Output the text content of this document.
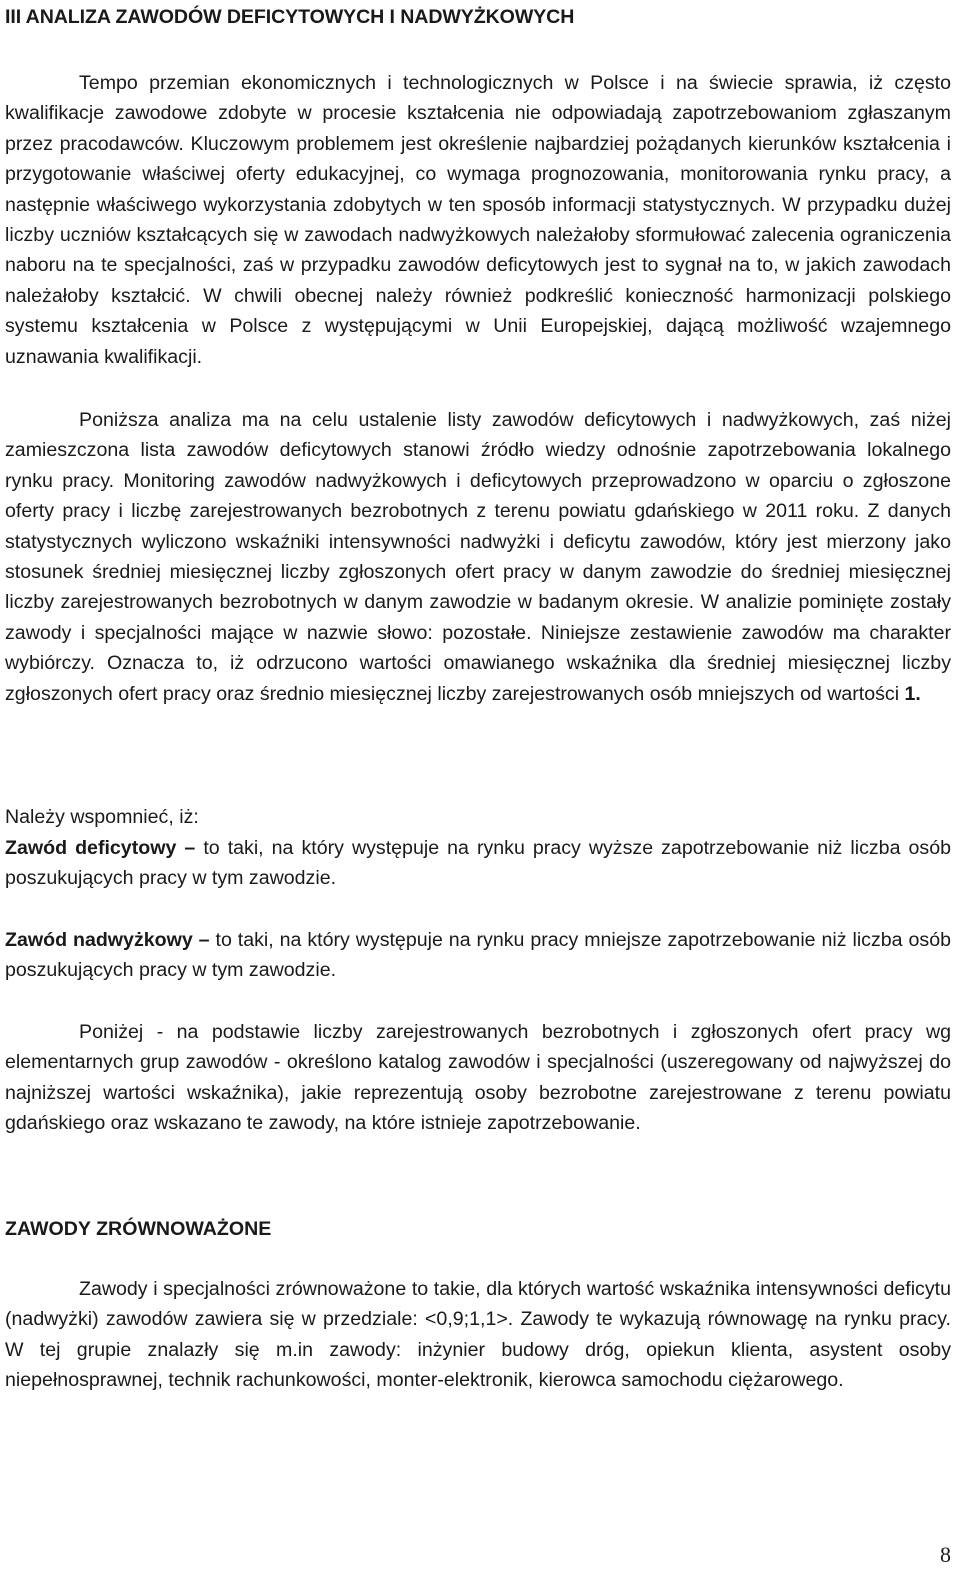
III ANALIZA ZAWODÓW DEFICYTOWYCH I NADWYŻKOWYCH

Tempo przemian ekonomicznych i technologicznych w Polsce i na świecie sprawia, iż często kwalifikacje zawodowe zdobyte w procesie kształcenia nie odpowiadają zapotrzebowaniom zgłaszanym przez pracodawców. Kluczowym problemem jest określenie najbardziej pożądanych kierunków kształcenia i przygotowanie właściwej oferty edukacyjnej, co wymaga prognozowania, monitorowania rynku pracy, a następnie właściwego wykorzystania zdobytych w ten sposób informacji statystycznych. W przypadku dużej liczby uczniów kształcących się w zawodach nadwyżkowych należałoby sformułować zalecenia ograniczenia naboru na te specjalności, zaś w przypadku zawodów deficytowych jest to sygnał na to, w jakich zawodach należałoby kształcić. W chwili obecnej należy również podkreślić konieczność harmonizacji polskiego systemu kształcenia w Polsce z występującymi w Unii Europejskiej, dającą możliwość wzajemnego uznawania kwalifikacji.

Poniższa analiza ma na celu ustalenie listy zawodów deficytowych i nadwyżkowych, zaś niżej zamieszczona lista zawodów deficytowych stanowi źródło wiedzy odnośnie zapotrzebowania lokalnego rynku pracy. Monitoring zawodów nadwyżkowych i deficytowych przeprowadzono w oparciu o zgłoszone oferty pracy i liczbę zarejestrowanych bezrobotnych z terenu powiatu gdańskiego w 2011 roku. Z danych statystycznych wyliczono wskaźniki intensywności nadwyżki i deficytu zawodów, który jest mierzony jako stosunek średniej miesięcznej liczby zgłoszonych ofert pracy w danym zawodzie do średniej miesięcznej liczby zarejestrowanych bezrobotnych w danym zawodzie w badanym okresie. W analizie pominięte zostały zawody i specjalności mające w nazwie słowo: pozostałe. Niniejsze zestawienie zawodów ma charakter wybiórczy. Oznacza to, iż odrzucono wartości omawianego wskaźnika dla średniej miesięcznej liczby zgłoszonych ofert pracy oraz średnio miesięcznej liczby zarejestrowanych osób mniejszych od wartości 1.

Należy wspomnieć, iż:

Zawód deficytowy – to taki, na który występuje na rynku pracy wyższe zapotrzebowanie niż liczba osób poszukujących pracy w tym zawodzie.

Zawód nadwyżkowy – to taki, na który występuje na rynku pracy mniejsze zapotrzebowanie niż liczba osób poszukujących pracy w tym zawodzie.

Poniżej - na podstawie liczby zarejestrowanych bezrobotnych i zgłoszonych ofert pracy wg elementarnych grup zawodów - określono katalog zawodów i specjalności (uszeregowany od najwyższej do najniższej wartości wskaźnika), jakie reprezentują osoby bezrobotne zarejestrowane z terenu powiatu gdańskiego oraz wskazano te zawody, na które istnieje zapotrzebowanie.

ZAWODY ZRÓWNOWAŻONE

Zawody i specjalności zrównoważone to takie, dla których wartość wskaźnika intensywności deficytu (nadwyżki) zawodów zawiera się w przedziale: <0,9;1,1>. Zawody te wykazują równowagę na rynku pracy. W tej grupie znalazły się m.in zawody: inżynier budowy dróg, opiekun klienta, asystent osoby niepełnosprawnej, technik rachunkowości, monter-elektronik, kierowca samochodu ciężarowego.

8
